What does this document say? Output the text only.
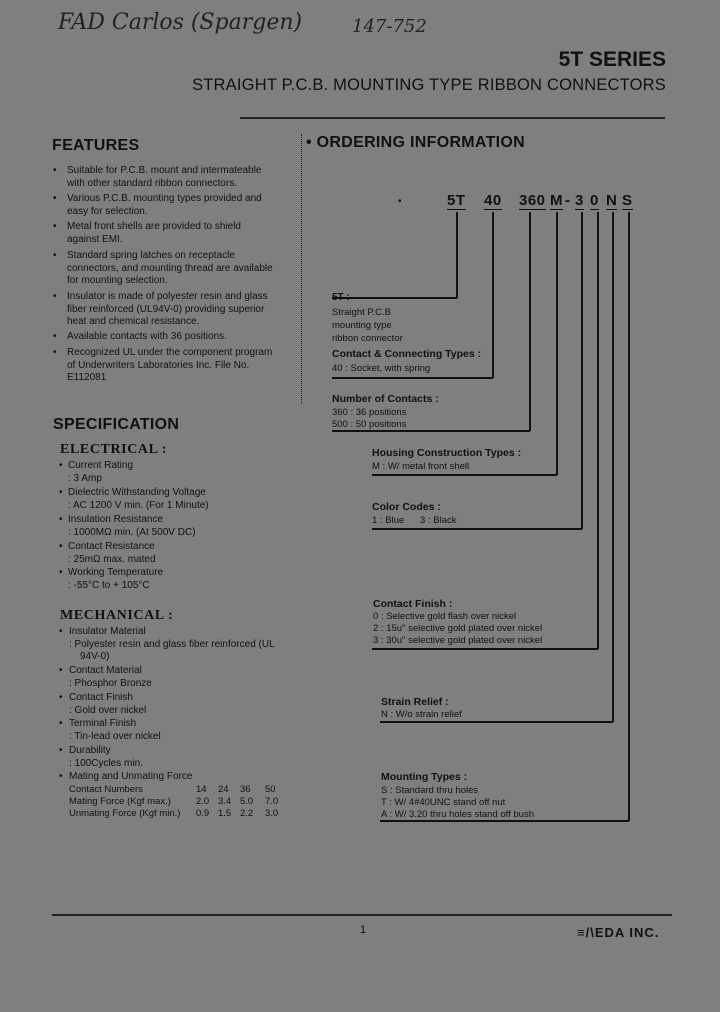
FAD Carlos (Spargen)	147-752
5T SERIES
STRAIGHT P.C.B. MOUNTING TYPE RIBBON CONNECTORS
FEATURES
• Suitable for P.C.B. mount and intermateable
with other standard ribbon connectors.
• Various P.C.B. mounting types provided and
easy for selection.
• Metal front shells are provided to shield
against EMI.
• Standard spring latches on receptacle
connectors, and mounting thread are available
for mounting selection.
• Insulator is made of polyester resin and glass
fiber reinforced (UL94V-0) providing superior
heat and chemical resistance.
• Available contacts with 36 positions.
• Recognized UL under the component program
of Underwriters Laboratories Inc. File No.
E112081
SPECIFICATION
ELECTRICAL :
• Current Rating
: 3 Amp
• Dielectric Withstanding Voltage
: AC 1200 V min. (For 1 Minute)
• Insulation Resistance
: 1000MΩ min. (At 500V DC)
• Contact Resistance
: 25mΩ max. mated
• Working Temperature
: -55°C to + 105°C
MECHANICAL :
• Insulator Material
: Polyester resin and glass fiber reinforced (UL
94V-0)
• Contact Material
: Phosphor Bronze
• Contact Finish
: Gold over nickel
• Terminal Finish
: Tin-lead over nickel
• Durability
: 100Cycles min.
• Mating and Unmating Force
Contact Numbers	14 24 36 50
Mating Force (Kgf max.)	2.0 3.4 5.0 7.0
Unmating Force (Kgf min.) 0.9 1.5 2.2 3.0
• ORDERING INFORMATION
•	5T 40 360 M - 3 0 N S
5T :
Straight P.C.B
mounting type
ribbon connector
Contact & Connecting Types :
40 : Socket, with spring
Number of Contacts :
360 : 36 positions
500 : 50 positions
Housing Construction Types :
M : W/ metal front shell
Color Codes :
1 : Blue      3 : Black
Contact Finish :
0 : Selective gold flash over nickel
2 : 15u" selective gold plated over nickel
3 : 30u" selective gold plated over nickel
Strain Relief :
N : W/o strain relief
Mounting Types :
S : Standard thru holes
T : W/ 4#40UNC stand off nut
A : W/ 3.20 thru holes stand off bush
1	≡/\EDA INC.
